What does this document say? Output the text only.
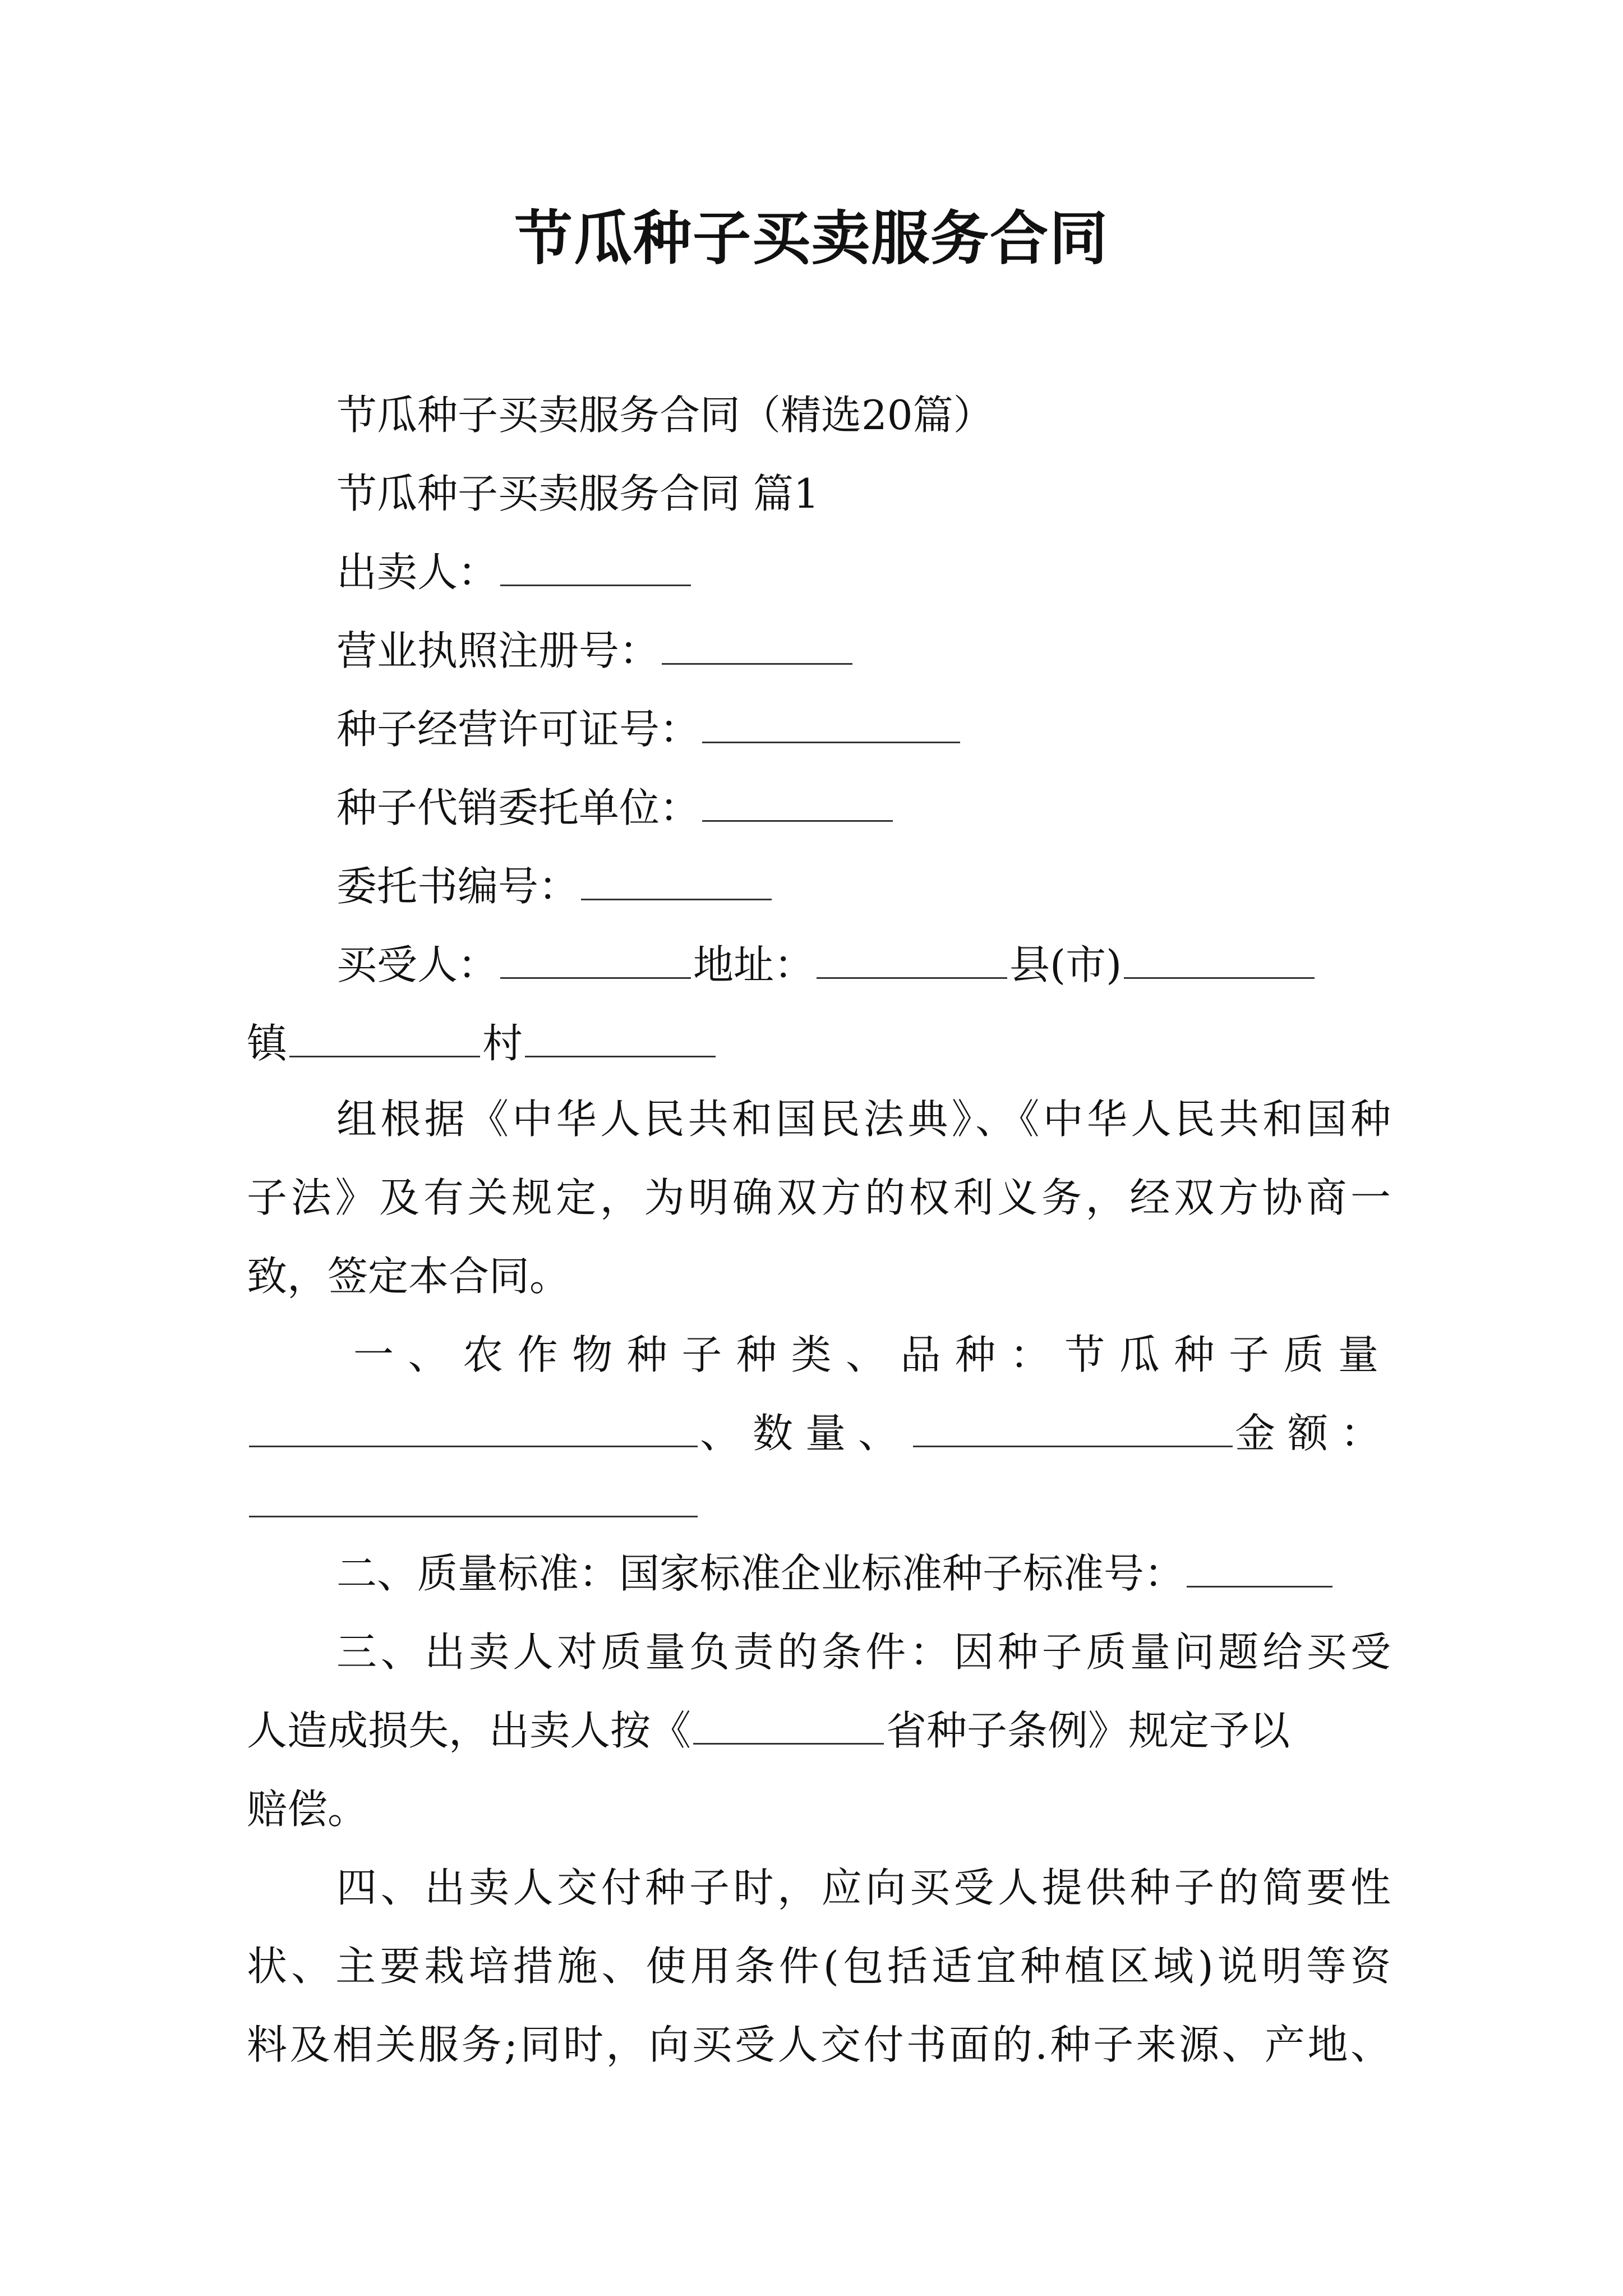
节瓜种子买卖服务合同
节瓜种子买卖服务合同（精选20篇）
节瓜种子买卖服务合同 篇1
出卖人：
营业执照注册号：
种子经营许可证号：
种子代销委托单位：
委托书编号：
买受人：	地址：	县(市)
镇	村
组根据《中华人民共和国民法典》、《中华人民共和国种
子法》及有关规定，为明确双方的权利义务，经双方协商一
致，签定本合同。
一、农作物种子种类、品种：节瓜种子质量
、数量、	金额：
二、质量标准：国家标准企业标准种子标准号：
三、出卖人对质量负责的条件：因种子质量问题给买受
人造成损失，出卖人按《	省种子条例》规定予以
赔偿。
四、出卖人交付种子时，应向买受人提供种子的简要性
状、主要栽培措施、使用条件(包括适宜种植区域)说明等资
料及相关服务;同时，向买受人交付书面的.种子来源、产地、
